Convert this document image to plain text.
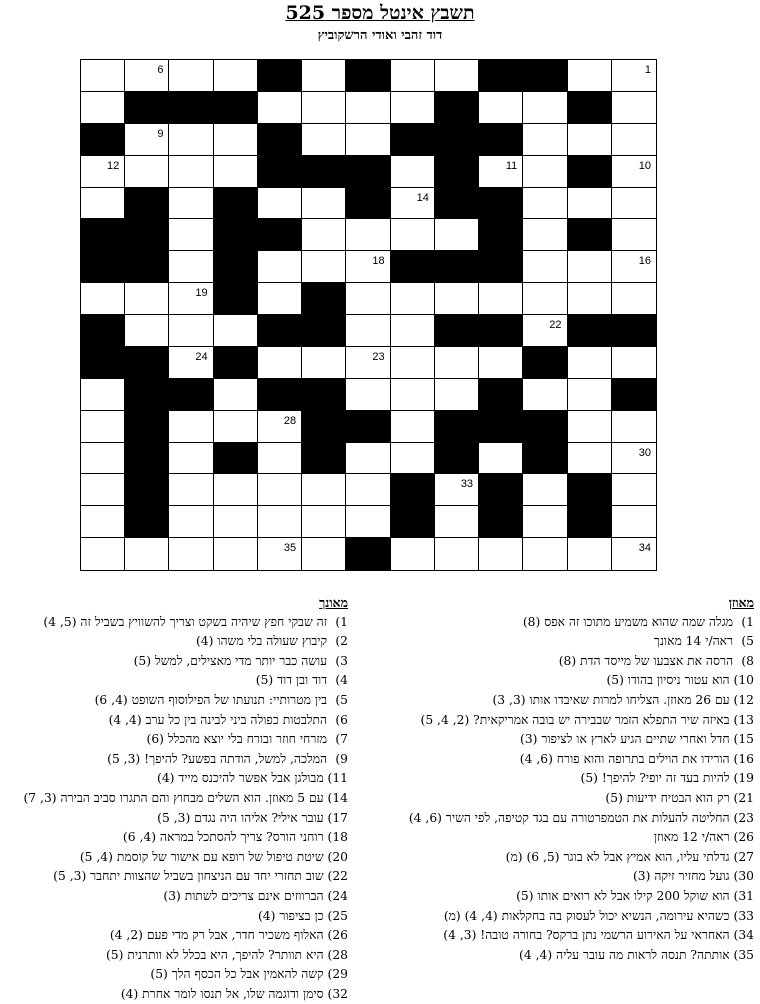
תשבץ אינטל מספר 525
דוד זהבי ואודי הרשקוביץ
1
6
9
10
11
12
14
16
18
19
22
23
24
28
30
33
34
35
מאוזן
1) מגלה שמה שהוא משמיע מתוכו זה אפס (8)
5) ראה/י 14 מאונך
8) הרסה את אצבעו של מייסד הדת (8)
10) הוא עטור ניסיון בהודו (5)
12) עם 26 מאוזן. הצליחו למרות שאיבדו אותו (3, 3)
13) באיזה שיר התפלא הזמר שבבירה יש בובה אמריקאית? (2, 4, 5)
15) חדל ואחרי שתיים הגיע לארץ או לציפור (3)
16) הורידו את הוילים בתרופה והוא פורח (6, 4)
19) להיות בעד זה יופי? להיפך! (5)
21) רק הוא הבטיח ידיעות (5)
23) החליטה להעלות את הטמפרטורה עם בגד קטיפה, לפי השיר (6, 4)
26) ראה/י 12 מאוזן
27) גדלתי עליו, הוא אמיץ אבל לא בוגר (5, 6) (מ)
30) גועל מחזיר זיקה (3)
31) הוא שוקל 200 קילו אבל לא רואים אותו (5)
33) כשהיא עירומה, הנשיא יכול לעסוק בה בחקלאות (4, 4) (מ)
34) האחראי על האירוע הרשמי נתן ברקס? בחורה טובה! (3, 4)
35) אותתה? תנסה לראות מה עובר עליה (4, 4)
מאונך
1) זה שבקי חפץ שיהיה בשקט וצריך להשוויץ בשביל זה (5, 4)
2) קיבוץ שעולה בלי משהו (4)
3) עושה כבר יותר מדי מאצילים, למשל (5)
4) דוד ובן דוד (5)
5) בין מטרותיי: תנועתו של הפילוסוף השופט (4, 6)
6) התלבטות כפולה ביני לבינה בין כל ערב (4, 4)
7) מזרחי חוזר ובורח בלי יוצא מהכלל (6)
9) המלכה, למשל, הודתה בפשע? להיפך! (3, 5)
11) מבולגן אבל אפשר להיכנס מייד (4)
14) עם 5 מאוזן. הוא השלים מבחוץ והם התגרו סביב הבירה (3, 7)
17) עובר אילי? אליהו היה נגדם (3, 5)
18) רוחני הורס? צריך להסתכל במראה (4, 6)
20) שיטת טיפול של רופא עם אישור של קוסמת (4, 5)
22) שוב תחזרי יחד עם הניצחון בשביל שהצוות יתחבר (3, 5)
24) הברווזים אינם צריכים לשתות (3)
25) כן בציפור (4)
26) האלוף משכיר חדר, אבל רק מדי פעם (2, 4)
28) היא תוותר? להיפך, היא בכלל לא וותרנית (5)
29) קשה להאמין אבל כל הכסף הלך (5)
32) סימן ודוגמה שלו, אל תנסו לומר אחרת (4)
